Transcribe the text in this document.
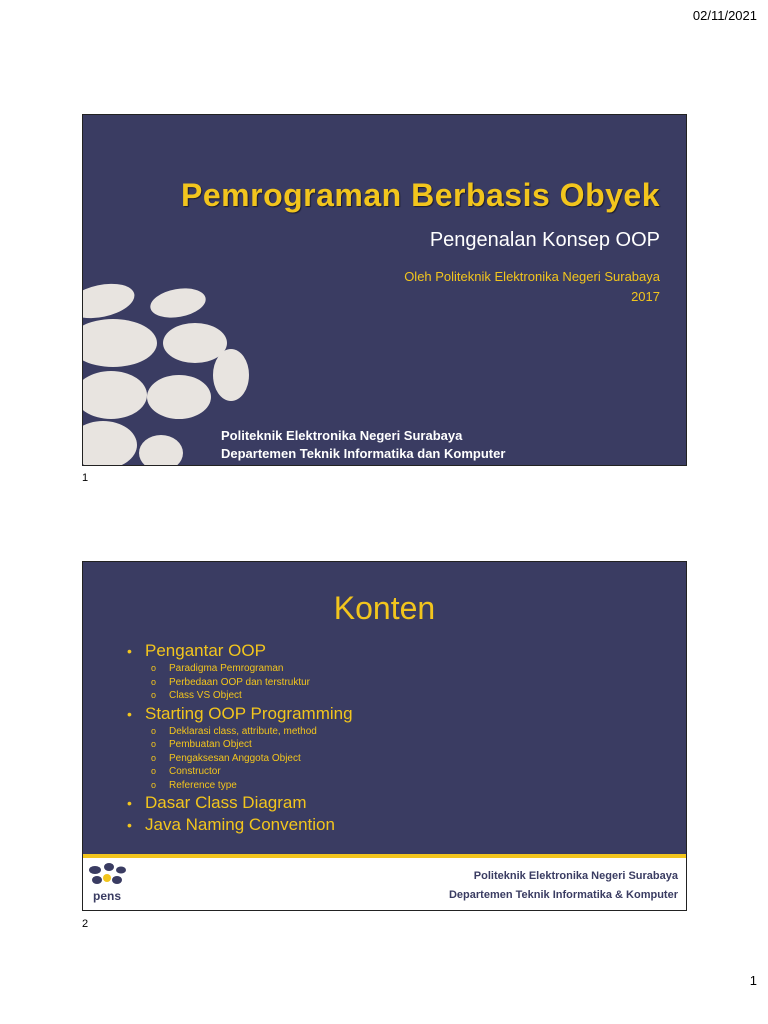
02/11/2021
Pemrograman Berbasis Obyek
Pengenalan Konsep OOP
Oleh Politeknik Elektronika Negeri Surabaya
2017
Politeknik Elektronika Negeri Surabaya
Departemen Teknik Informatika dan Komputer
1
Konten
• Pengantar OOP
o	Paradigma Pemrograman
o	Perbedaan OOP dan terstruktur
o	Class VS Object
• Starting OOP Programming
o	Deklarasi class, attribute, method
o	Pembuatan Object
o	Pengaksesan Anggota Object
o	Constructor
o	Reference type
• Dasar Class Diagram
• Java Naming Convention
pens
Politeknik Elektronika Negeri Surabaya
Departemen Teknik Informatika & Komputer
2
1
